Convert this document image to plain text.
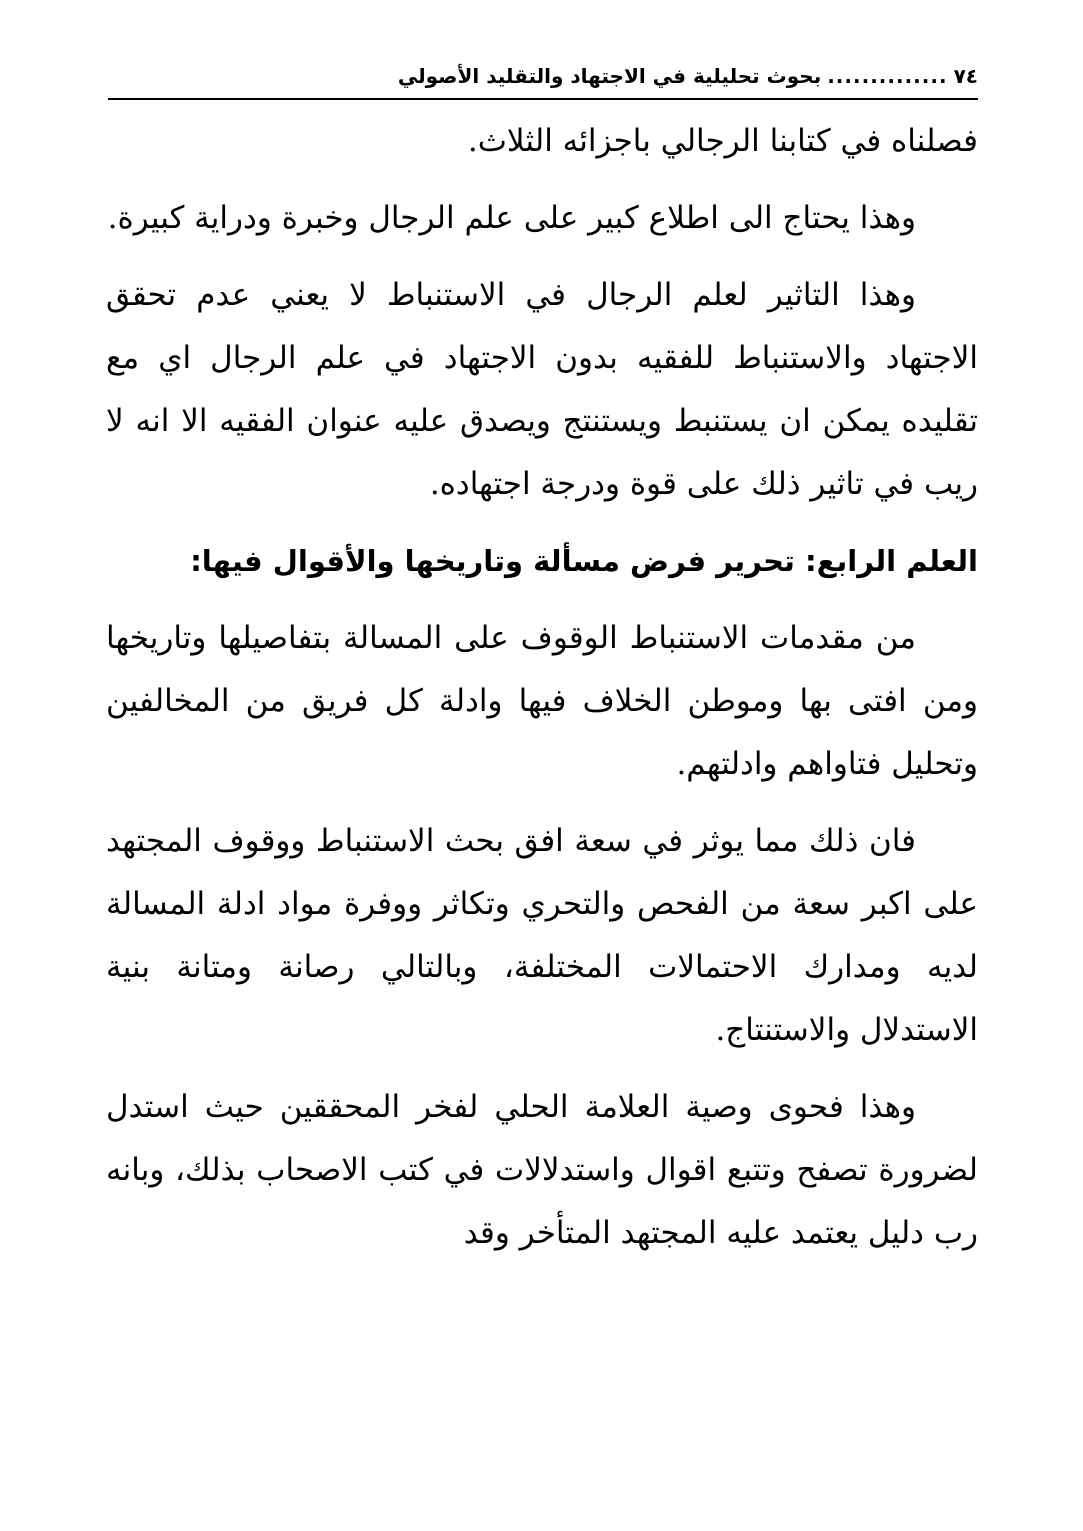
٧٤
..............
بحوث تحليلية في الاجتهاد والتقليد الأصولي

فصلناه في كتابنا الرجالي باجزائه الثلاث.

وهذا يحتاج الى اطلاع كبير على علم الرجال وخبرة ودراية كبيرة.

وهذا التاثير لعلم الرجال في الاستنباط لا يعني عدم تحقق الاجتهاد والاستنباط للفقيه بدون الاجتهاد في علم الرجال اي مع تقليده يمكن ان يستنبط ويستنتج ويصدق عليه عنوان الفقيه الا انه لا ريب في تاثير ذلك على قوة ودرجة اجتهاده.

العلم الرابع: تحرير فرض مسألة وتاريخها والأقوال فيها:

من مقدمات الاستنباط الوقوف على المسالة بتفاصيلها وتاريخها ومن افتى بها وموطن الخلاف فيها وادلة كل فريق من المخالفين وتحليل فتاواهم وادلتهم.

فان ذلك مما يوثر في سعة افق بحث الاستنباط ووقوف المجتهد على اكبر سعة من الفحص والتحري وتكاثر ووفرة مواد ادلة المسالة لديه ومدارك الاحتمالات المختلفة، وبالتالي رصانة ومتانة بنية الاستدلال والاستنتاج.

وهذا فحوى وصية العلامة الحلي لفخر المحققين حيث استدل لضرورة تصفح وتتبع اقوال واستدلالات في كتب الاصحاب بذلك، وبانه رب دليل يعتمد عليه المجتهد المتأخر وقد
